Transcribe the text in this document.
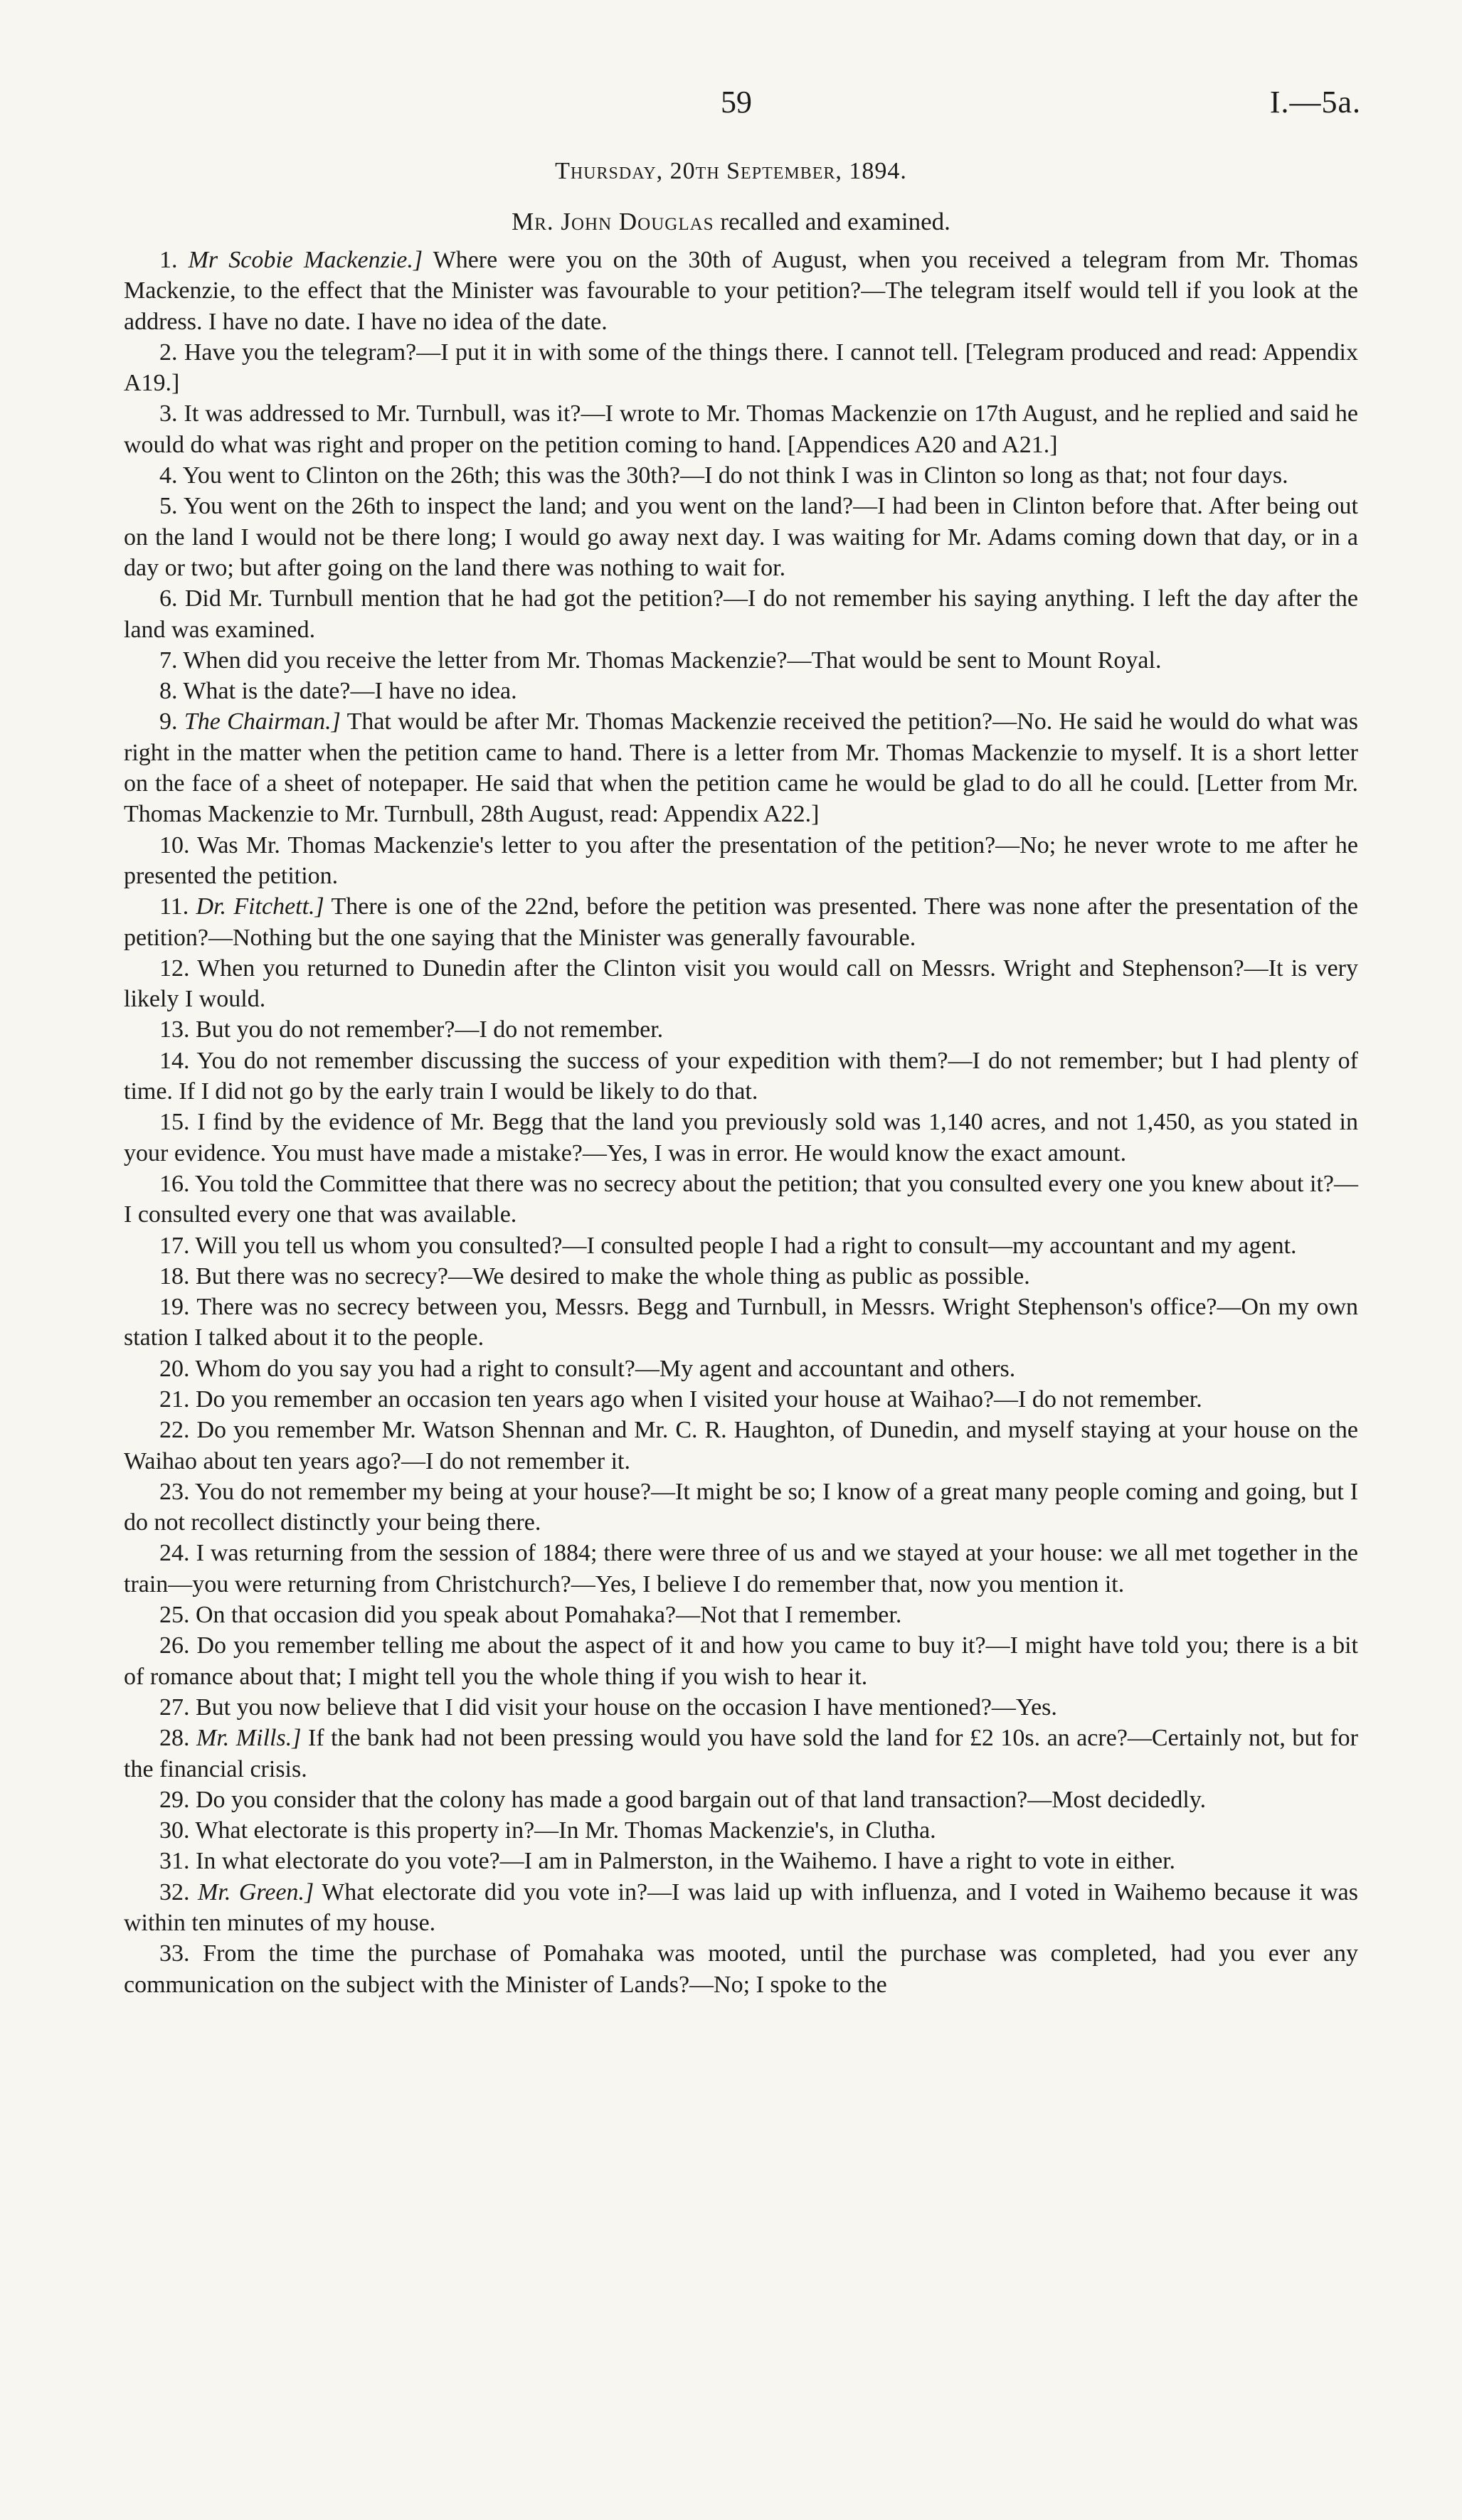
59	I.—5a.
Thursday, 20th September, 1894.
Mr. John Douglas recalled and examined.

1. Mr Scobie Mackenzie.] Where were you on the 30th of August, when you received a telegram from Mr. Thomas Mackenzie, to the effect that the Minister was favourable to your petition?—The telegram itself would tell if you look at the address. I have no date. I have no idea of the date.

2. Have you the telegram?—I put it in with some of the things there. I cannot tell. [Telegram produced and read: Appendix A19.]

3. It was addressed to Mr. Turnbull, was it?—I wrote to Mr. Thomas Mackenzie on 17th August, and he replied and said he would do what was right and proper on the petition coming to hand. [Appendices A20 and A21.]

4. You went to Clinton on the 26th; this was the 30th?—I do not think I was in Clinton so long as that; not four days.

5. You went on the 26th to inspect the land; and you went on the land?—I had been in Clinton before that. After being out on the land I would not be there long; I would go away next day. I was waiting for Mr. Adams coming down that day, or in a day or two; but after going on the land there was nothing to wait for.

6. Did Mr. Turnbull mention that he had got the petition?—I do not remember his saying anything. I left the day after the land was examined.

7. When did you receive the letter from Mr. Thomas Mackenzie?—That would be sent to Mount Royal.

8. What is the date?—I have no idea.

9. The Chairman.] That would be after Mr. Thomas Mackenzie received the petition?—No. He said he would do what was right in the matter when the petition came to hand. There is a letter from Mr. Thomas Mackenzie to myself. It is a short letter on the face of a sheet of notepaper. He said that when the petition came he would be glad to do all he could. [Letter from Mr. Thomas Mackenzie to Mr. Turnbull, 28th August, read: Appendix A22.]

10. Was Mr. Thomas Mackenzie's letter to you after the presentation of the petition?—No; he never wrote to me after he presented the petition.

11. Dr. Fitchett.] There is one of the 22nd, before the petition was presented. There was none after the presentation of the petition?—Nothing but the one saying that the Minister was generally favourable.

12. When you returned to Dunedin after the Clinton visit you would call on Messrs. Wright and Stephenson?—It is very likely I would.

13. But you do not remember?—I do not remember.

14. You do not remember discussing the success of your expedition with them?—I do not remember; but I had plenty of time. If I did not go by the early train I would be likely to do that.

15. I find by the evidence of Mr. Begg that the land you previously sold was 1,140 acres, and not 1,450, as you stated in your evidence. You must have made a mistake?—Yes, I was in error. He would know the exact amount.

16. You told the Committee that there was no secrecy about the petition; that you consulted every one you knew about it?—I consulted every one that was available.

17. Will you tell us whom you consulted?—I consulted people I had a right to consult—my accountant and my agent.

18. But there was no secrecy?—We desired to make the whole thing as public as possible.

19. There was no secrecy between you, Messrs. Begg and Turnbull, in Messrs. Wright Stephenson's office?—On my own station I talked about it to the people.

20. Whom do you say you had a right to consult?—My agent and accountant and others.

21. Do you remember an occasion ten years ago when I visited your house at Waihao?—I do not remember.

22. Do you remember Mr. Watson Shennan and Mr. C. R. Haughton, of Dunedin, and myself staying at your house on the Waihao about ten years ago?—I do not remember it.

23. You do not remember my being at your house?—It might be so; I know of a great many people coming and going, but I do not recollect distinctly your being there.

24. I was returning from the session of 1884; there were three of us and we stayed at your house: we all met together in the train—you were returning from Christchurch?—Yes, I believe I do remember that, now you mention it.

25. On that occasion did you speak about Pomahaka?—Not that I remember.

26. Do you remember telling me about the aspect of it and how you came to buy it?—I might have told you; there is a bit of romance about that; I might tell you the whole thing if you wish to hear it.

27. But you now believe that I did visit your house on the occasion I have mentioned?—Yes.

28. Mr. Mills.] If the bank had not been pressing would you have sold the land for £2 10s. an acre?—Certainly not, but for the financial crisis.

29. Do you consider that the colony has made a good bargain out of that land transaction?—Most decidedly.

30. What electorate is this property in?—In Mr. Thomas Mackenzie's, in Clutha.

31. In what electorate do you vote?—I am in Palmerston, in the Waihemo. I have a right to vote in either.

32. Mr. Green.] What electorate did you vote in?—I was laid up with influenza, and I voted in Waihemo because it was within ten minutes of my house.

33. From the time the purchase of Pomahaka was mooted, until the purchase was completed, had you ever any communication on the subject with the Minister of Lands?—No; I spoke to the
